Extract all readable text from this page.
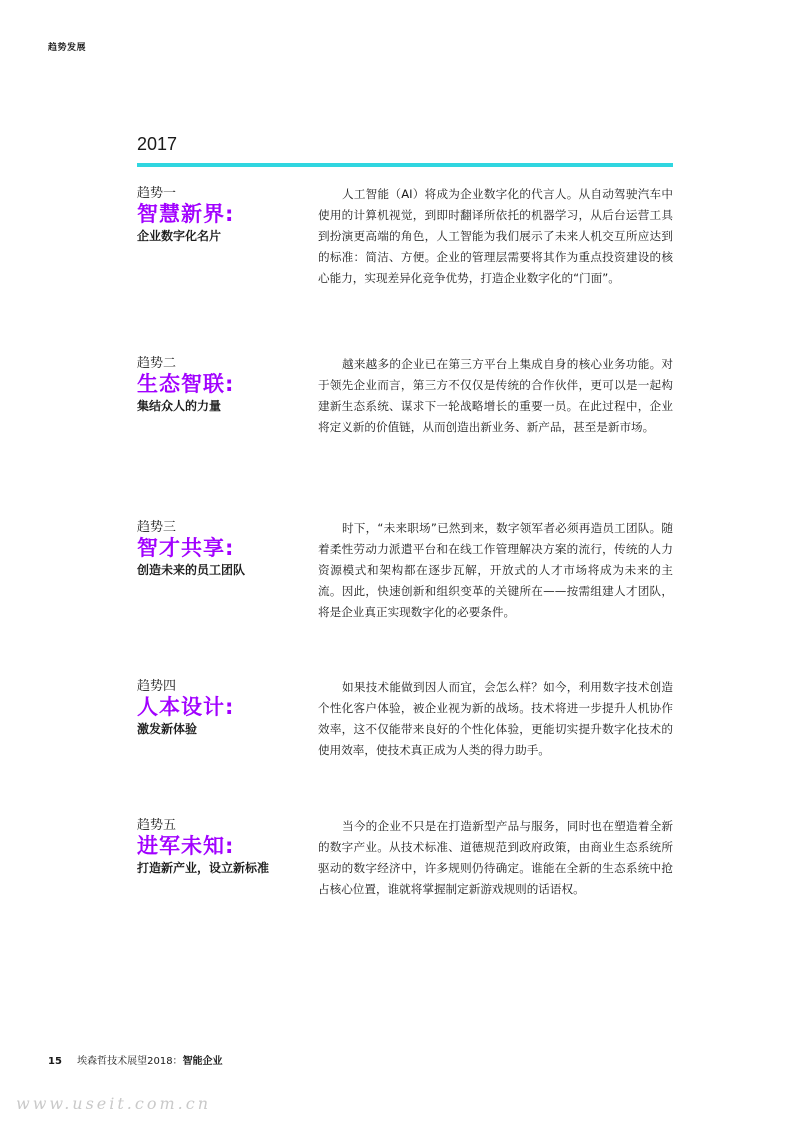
趋势发展
2017
趋势一
智慧新界:
企业数字化名片
人工智能（AI）将成为企业数字化的代言人。从自动驾驶汽车中使用的计算机视觉，到即时翻译所依托的机器学习，从后台运营工具到扮演更高端的角色，人工智能为我们展示了未来人机交互所应达到的标准：简洁、方便。企业的管理层需要将其作为重点投资建设的核心能力，实现差异化竞争优势，打造企业数字化的“门面”。
趋势二
生态智联:
集结众人的力量
越来越多的企业已在第三方平台上集成自身的核心业务功能。对于领先企业而言，第三方不仅仅是传统的合作伙伴，更可以是一起构建新生态系统、谋求下一轮战略增长的重要一员。在此过程中，企业将定义新的价值链，从而创造出新业务、新产品，甚至是新市场。
趋势三
智才共享:
创造未来的员工团队
时下，“未来职场”已然到来，数字领军者必须再造员工团队。随着柔性劳动力派遣平台和在线工作管理解决方案的流行，传统的人力资源模式和架构都在逐步瓦解，开放式的人才市场将成为未来的主流。因此，快速创新和组织变革的关键所在——按需组建人才团队，将是企业真正实现数字化的必要条件。
趋势四
人本设计:
激发新体验
如果技术能做到因人而宜，会怎么样？如今，利用数字技术创造个性化客户体验，被企业视为新的战场。技术将进一步提升人机协作效率，这不仅能带来良好的个性化体验，更能切实提升数字化技术的使用效率，使技术真正成为人类的得力助手。
趋势五
进军未知:
打造新产业，设立新标准
当今的企业不只是在打造新型产品与服务，同时也在塑造着全新的数字产业。从技术标准、道德规范到政府政策，由商业生态系统所驱动的数字经济中，许多规则仍待确定。谁能在全新的生态系统中抢占核心位置，谁就将掌握制定新游戏规则的话语权。
15 埃森哲技术展望2018：智能企业
www.useit.com.cn
